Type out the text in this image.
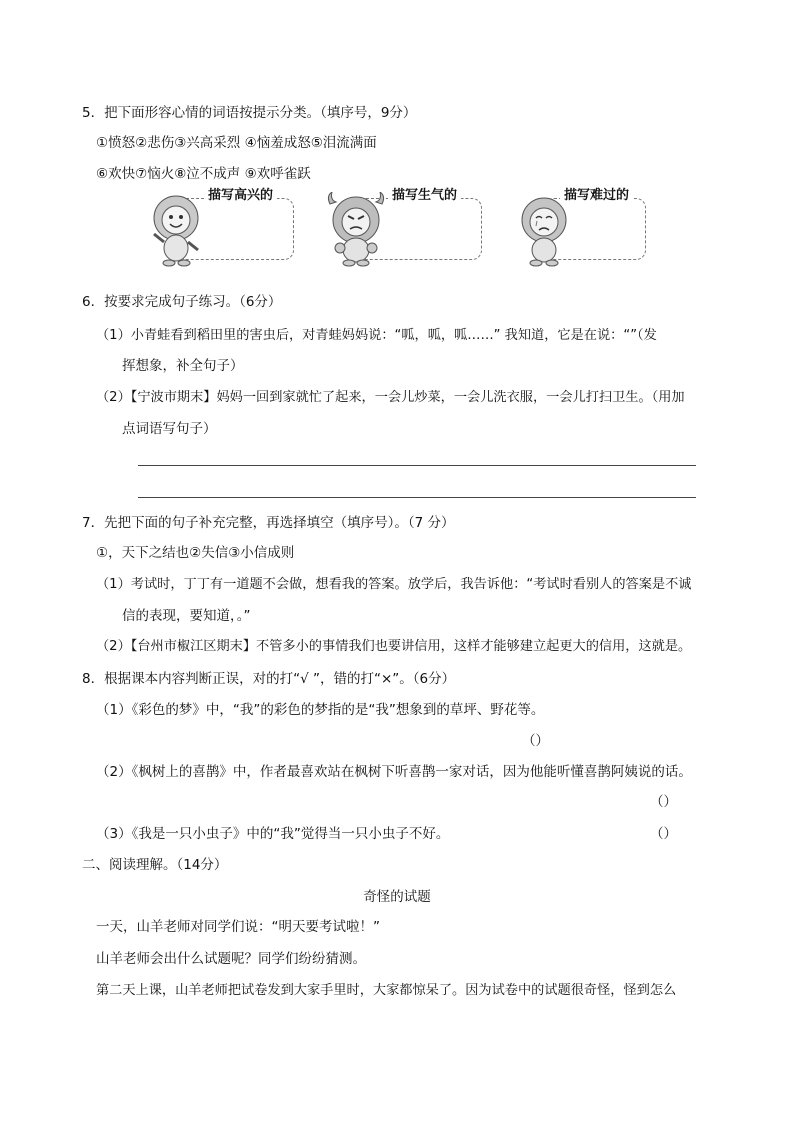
5．把下面形容心情的词语按提示分类。（填序号，9分）
①愤怒②悲伤③兴高采烈 ④恼羞成怒⑤泪流满面
⑥欢快⑦恼火⑧泣不成声 ⑨欢呼雀跃
描写高兴的	描写生气的	描写难过的
6．按要求完成句子练习。（6分）
（1）小青蛙看到稻田里的害虫后，对青蛙妈妈说：“呱，呱，呱……” 我知道，它是在说：“”（发
挥想象，补全句子）
（2）【宁波市期末】妈妈一回到家就忙了起来，一会儿炒菜，一会儿洗衣服，一会儿打扫卫生。（用加
点词语写句子）
7．先把下面的句子补充完整，再选择填空（填序号）。（7 分）
①，天下之结也②失信③小信成则
（1）考试时，丁丁有一道题不会做，想看我的答案。放学后，我告诉他：“考试时看别人的答案是不诚
信的表现，要知道，。”
（2）【台州市椒江区期末】不管多小的事情我们也要讲信用，这样才能够建立起更大的信用，这就是。
8．根据课本内容判断正误，对的打“√ ”，错的打“×”。（6分）
（1）《彩色的梦》中，“我”的彩色的梦指的是“我”想象到的草坪、野花等。
（）
（2）《枫树上的喜鹊》中，作者最喜欢站在枫树下听喜鹊一家对话，因为他能听懂喜鹊阿姨说的话。
（）
（3）《我是一只小虫子》中的“我”觉得当一只小虫子不好。	（）
二、阅读理解。（14分）
奇怪的试题
一天，山羊老师对同学们说：“明天要考试啦！”
山羊老师会出什么试题呢？同学们纷纷猜测。
第二天上课，山羊老师把试卷发到大家手里时，大家都惊呆了。因为试卷中的试题很奇怪，怪到怎么
